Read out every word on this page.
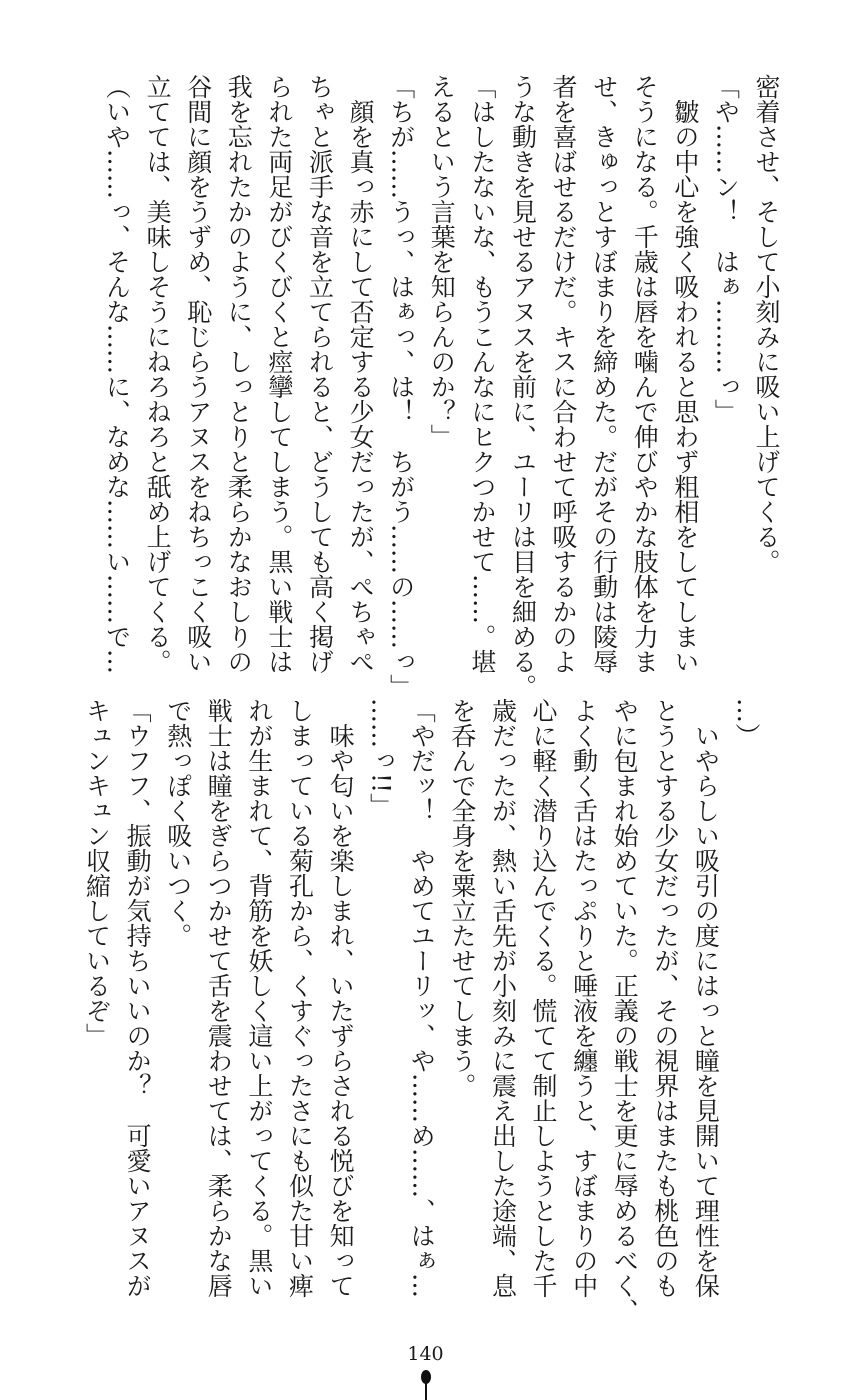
密着させ、そして小刻みに吸い上げてくる。
「や……ン！　はぁ………っ」
　皺の中心を強く吸われると思わず粗相をしてしまい
そうになる。千歳は唇を噛んで伸びやかな肢体を力ま
せ、きゅっとすぼまりを締めた。だがその行動は陵辱
者を喜ばせるだけだ。キスに合わせて呼吸するかのよ
うな動きを見せるアヌスを前に、ユーリは目を細める。
「はしたないな、もうこんなにヒクつかせて……。堪
えるという言葉を知らんのか？」
「ちが……うっ、はぁっ、は！　ちがう……の……っ」
　顔を真っ赤にして否定する少女だったが、ぺちゃぺ
ちゃと派手な音を立てられると、どうしても高く掲げ
られた両足がびくびくと痙攣してしまう。黒い戦士は
我を忘れたかのように、しっとりと柔らかなおしりの
谷間に顔をうずめ、恥じらうアヌスをねちっこく吸い
立てては、美味しそうにねろねろと舐め上げてくる。
（いや……っ、そんな……に、なめな……い……で…
…）
　いやらしい吸引の度にはっと瞳を見開いて理性を保
とうとする少女だったが、その視界はまたも桃色のも
やに包まれ始めていた。正義の戦士を更に辱めるべく、
よく動く舌はたっぷりと唾液を纏うと、すぼまりの中
心に軽く潜り込んでくる。慌てて制止しようとした千
歳だったが、熱い舌先が小刻みに震え出した途端、息
を呑んで全身を粟立たせてしまう。
「やだッ！　やめてユーリッ、や……め……、はぁ…
……っ!!」
　味や匂いを楽しまれ、いたずらされる悦びを知って
しまっている菊孔から、くすぐったさにも似た甘い痺
れが生まれて、背筋を妖しく這い上がってくる。黒い
戦士は瞳をぎらつかせて舌を震わせては、柔らかな唇
で熱っぽく吸いつく。
「ウフフ、振動が気持ちいいのか？　可愛いアヌスが
キュンキュン収縮しているぞ」
140
